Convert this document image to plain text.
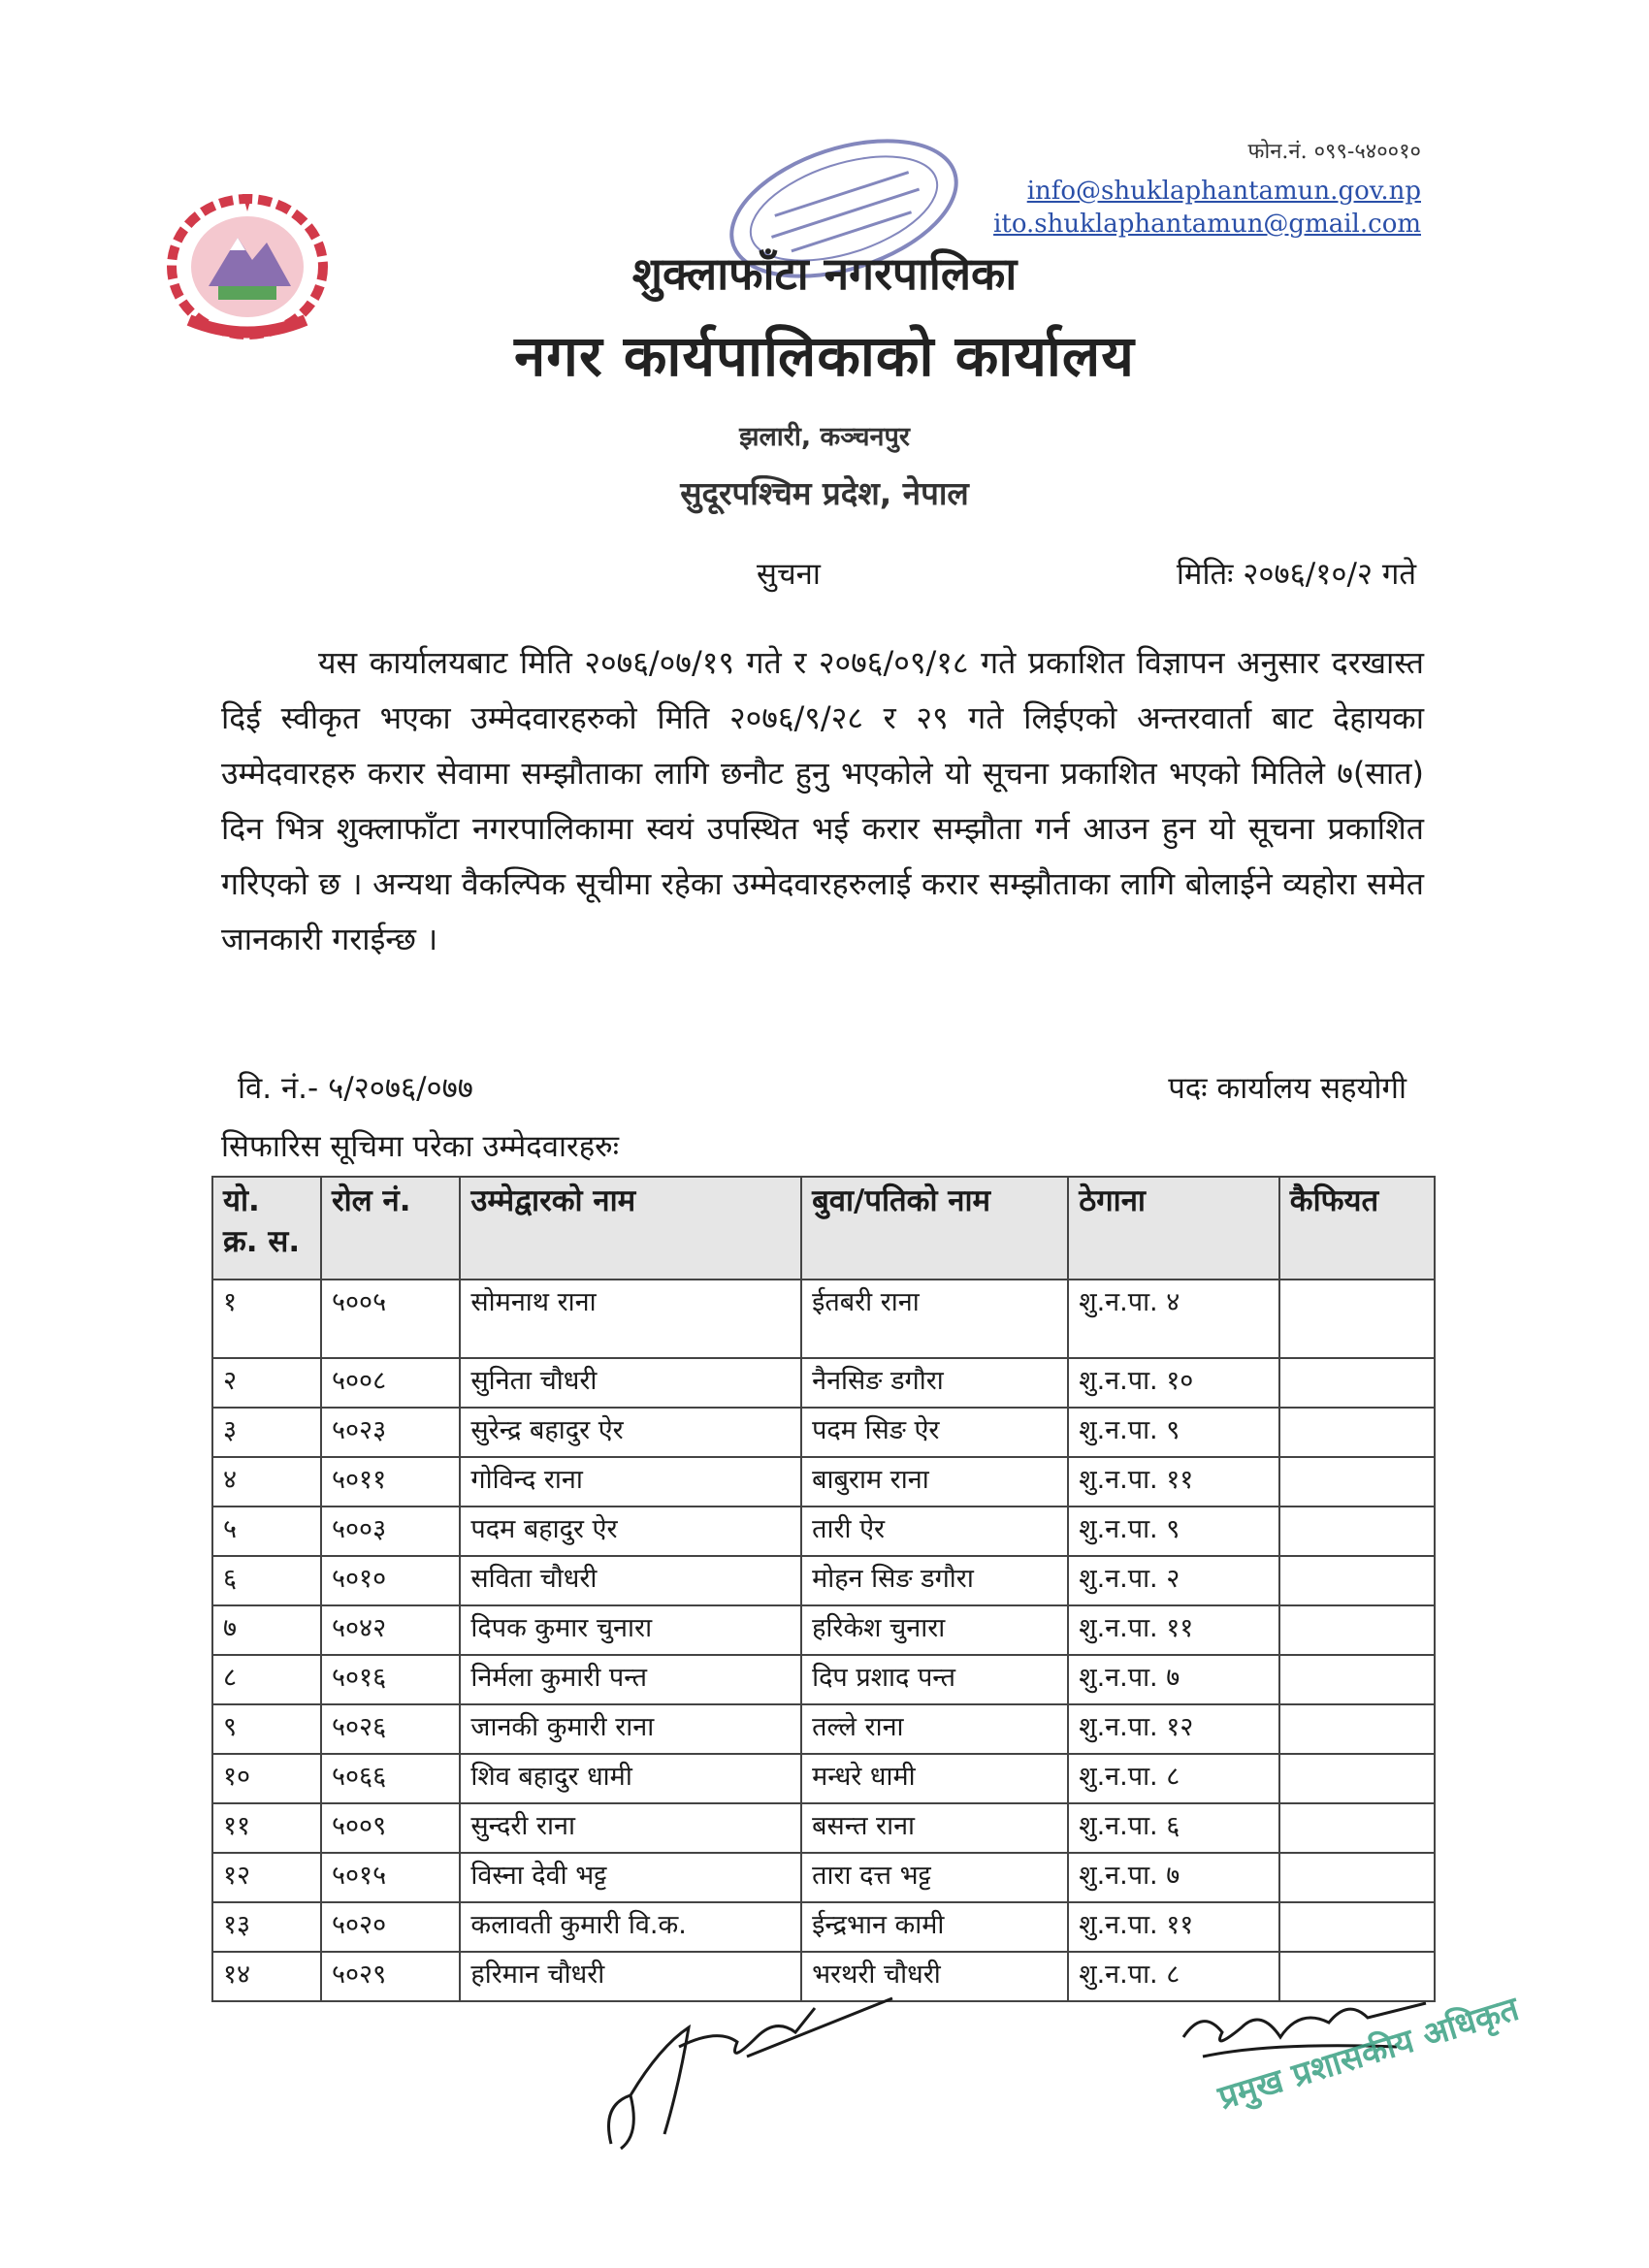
फोन.नं. ०९९-५४००१०
info@shuklaphantamun.gov.np
ito.shuklaphantamun@gmail.com
शुक्लाफाँटा नगरपालिका
नगर कार्यपालिकाको कार्यालय
झलारी, कञ्चनपुर
सुदूरपश्चिम प्रदेश, नेपाल
सुचना	मितिः २०७६/१०/२ गते
यस कार्यालयबाट मिति २०७६/०७/१९ गते र २०७६/०९/१८ गते प्रकाशित विज्ञापन अनुसार दरखास्त दिई स्वीकृत भएका उम्मेदवारहरुको मिति २०७६/९/२८ र २९ गते लिईएको अन्तरवार्ता बाट देहायका उम्मेदवारहरु करार सेवामा सम्झौताका लागि छनौट हुनु भएकोले यो सूचना प्रकाशित भएको मितिले ७(सात) दिन भित्र शुक्लाफाँटा नगरपालिकामा स्वयं उपस्थित भई करार सम्झौता गर्न आउन हुन यो सूचना प्रकाशित गरिएको छ । अन्यथा वैकल्पिक सूचीमा रहेका उम्मेदवारहरुलाई करार सम्झौताका लागि बोलाईने व्यहोरा समेत जानकारी गराईन्छ ।
वि. नं.- ५/२०७६/०७७	पदः कार्यालय सहयोगी
सिफारिस सूचिमा परेका उम्मेदवारहरुः
यो.
क्र. स.	रोल नं.	उम्मेद्वारको नाम	बुवा/पतिको नाम	ठेगाना	कैफियत
१	५००५	सोमनाथ राना	ईतबरी राना	शु.न.पा. ४	
२	५००८	सुनिता चौधरी	नैनसिङ डगौरा	शु.न.पा. १०	
३	५०२३	सुरेन्द्र बहादुर ऐर	पदम सिङ ऐर	शु.न.पा. ९	
४	५०११	गोविन्द राना	बाबुराम राना	शु.न.पा. ११	
५	५००३	पदम बहादुर ऐर	तारी ऐर	शु.न.पा. ९	
६	५०१०	सविता चौधरी	मोहन सिङ डगौरा	शु.न.पा. २	
७	५०४२	दिपक कुमार चुनारा	हरिकेश चुनारा	शु.न.पा. ११	
८	५०१६	निर्मला कुमारी पन्त	दिप प्रशाद पन्त	शु.न.पा. ७	
९	५०२६	जानकी कुमारी राना	तल्ले राना	शु.न.पा. १२	
१०	५०६६	शिव बहादुर धामी	मन्धरे धामी	शु.न.पा. ८	
११	५००९	सुन्दरी राना	बसन्त राना	शु.न.पा. ६	
१२	५०१५	विस्ना देवी भट्ट	तारा दत्त भट्ट	शु.न.पा. ७	
१३	५०२०	कलावती कुमारी वि.क.	ईन्द्रभान कामी	शु.न.पा. ११	
१४	५०२९	हरिमान चौधरी	भरथरी चौधरी	शु.न.पा. ८	
प्रमुख प्रशासकीय अधिकृत
